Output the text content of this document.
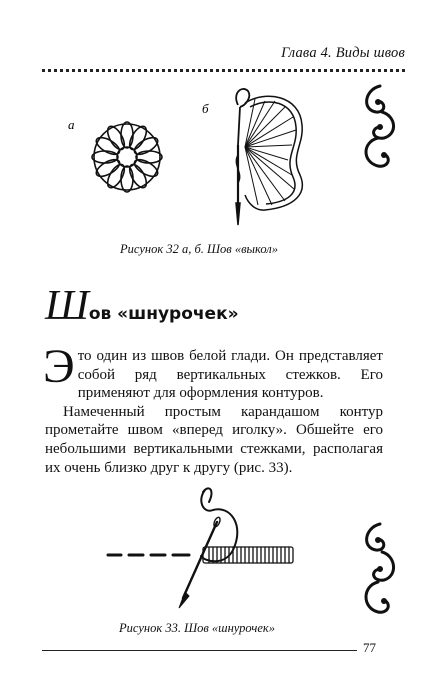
Глава 4. Виды швов
а
б
Рисунок 32 а, б. Шов «выкол»
Шов «шнурочек»

Это один из швов белой глади. Он представляет собой ряд вертикальных стежков. Его применяют для оформления контуров.

Намеченный простым карандашом контур прометайте швом «вперед иголку». Обшейте его небольшими вертикальными стежками, располагая их очень близко друг к другу (рис. 33).

Рисунок 33. Шов «шнурочек»
77
